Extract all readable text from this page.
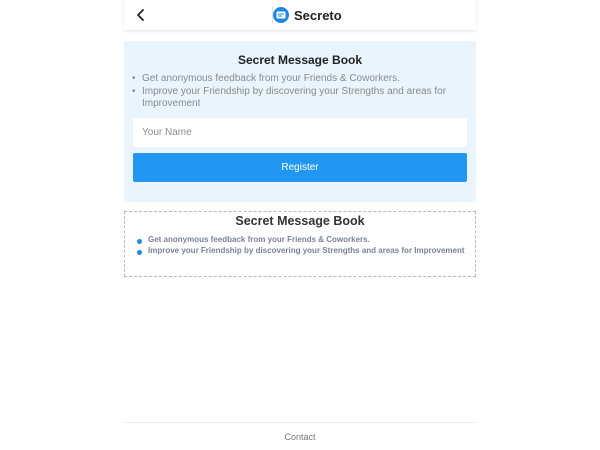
Secreto
Secret Message Book
• Get anonymous feedback from your Friends & Coworkers.
• Improve your Friendship by discovering your Strengths and areas for Improvement
Your Name
Register
Secret Message Book
Get anonymous feedback from your Friends & Coworkers.
Improve your Friendship by discovering your Strengths and areas for Improvement
Contact
